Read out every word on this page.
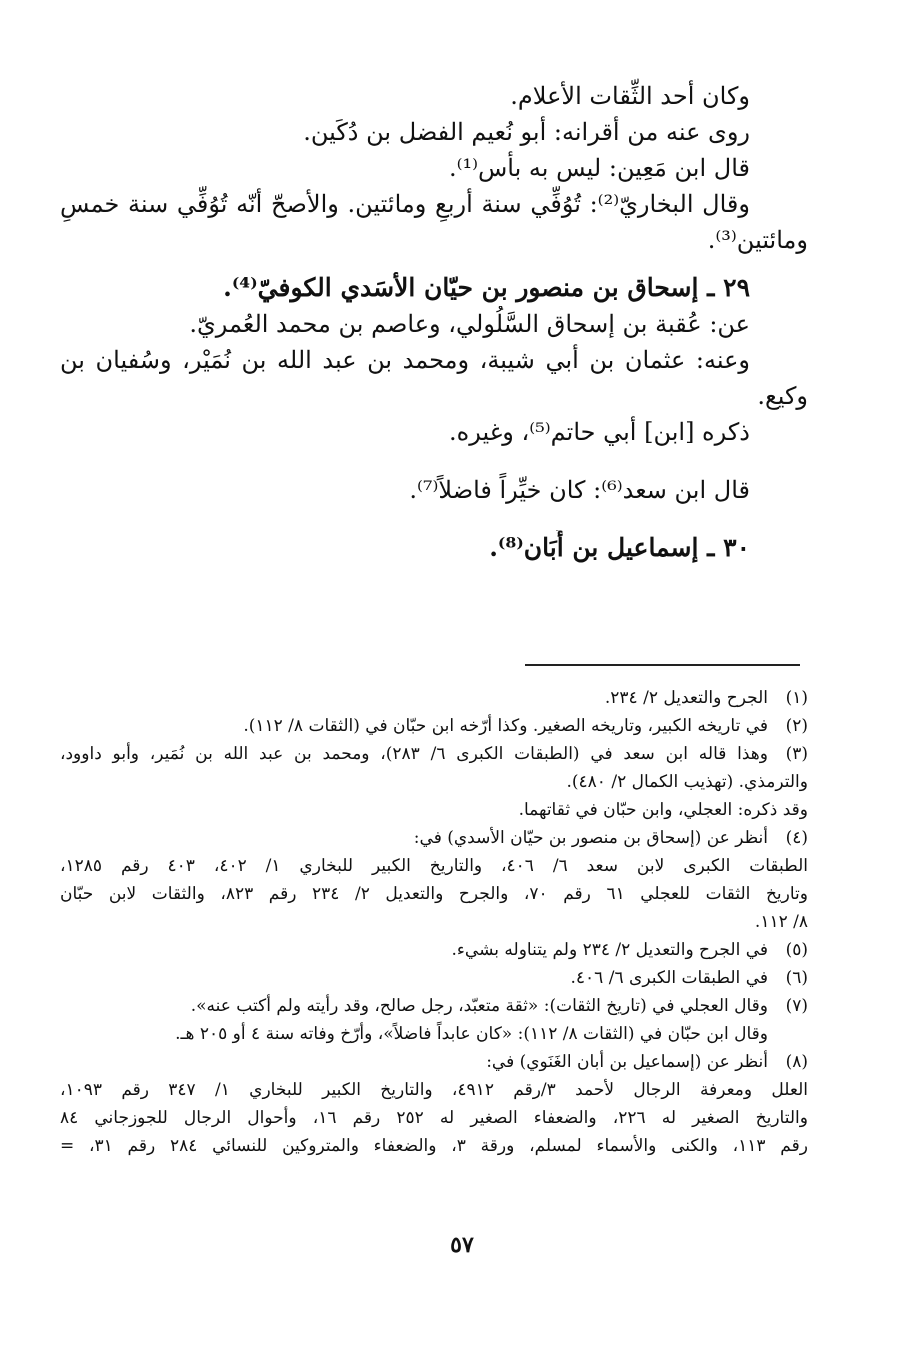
وكان أحد الثِّقات الأعلام.
روى عنه من أقرانه: أبو نُعيم الفضل بن دُكَين.
قال ابن مَعِين: ليس به بأس⁽¹⁾.
وقال البخاريّ⁽²⁾: تُوُفِّي سنة أربعٍ ومائتين. والأصحّ أنّه تُوُفِّي سنة خمسٍ
ومائتين⁽³⁾.
٢٩ ـ إسحاق بن منصور بن حيّان الأسَدي الكوفيّ⁽⁴⁾.
عن: عُقبة بن إسحاق السَّلُولي، وعاصم بن محمد العُمريّ.
وعنه: عثمان بن أبي شيبة، ومحمد بن عبد الله بن نُمَيْر، وسُفيان بن
وكيع.
ذكره [ابن] أبي حاتم⁽⁵⁾، وغيره.
قال ابن سعد⁽⁶⁾: كان خيِّراً فاضلاً⁽⁷⁾.
٣٠ ـ إسماعيل بن أَبَان⁽⁸⁾.
(١)
الجرح والتعديل ٢/ ٢٣٤.
(٢)
في تاريخه الكبير، وتاريخه الصغير. وكذا أرّخه ابن حبّان في (الثقات ٨/ ١١٢).
(٣)
وهذا قاله ابن سعد في (الطبقات الكبرى ٦/ ٢٨٣)، ومحمد بن عبد الله بن نُمَير، وأبو داوود،
والترمذي. (تهذيب الكمال ٢/ ٤٨٠).
وقد ذكره: العجلي، وابن حبّان في ثقاتهما.
(٤)
أنظر عن (إسحاق بن منصور بن حيّان الأسدي) في:
الطبقات الكبرى لابن سعد ٦/ ٤٠٦، والتاريخ الكبير للبخاري ١/ ٤٠٢، ٤٠٣ رقم ١٢٨٥،
وتاريخ الثقات للعجلي ٦١ رقم ٧٠، والجرح والتعديل ٢/ ٢٣٤ رقم ٨٢٣، والثقات لابن حبّان
٨/ ١١٢.
(٥)
في الجرح والتعديل ٢/ ٢٣٤ ولم يتناوله بشيء.
(٦)
في الطبقات الكبرى ٦/ ٤٠٦.
(٧)
وقال العجلي في (تاريخ الثقات): «ثقة متعبّد، رجل صالح، وقد رأيته ولم أكتب عنه».
وقال ابن حبّان في (الثقات ٨/ ١١٢): «كان عابداً فاضلاً»، وأرّخ وفاته سنة ٤ أو ٢٠٥ هـ.
(٨)
أنظر عن (إسماعيل بن أبان الغَنَوي) في:
العلل ومعرفة الرجال لأحمد ٣/رقم ٤٩١٢، والتاريخ الكبير للبخاري ١/ ٣٤٧ رقم ١٠٩٣،
والتاريخ الصغير له ٢٢٦، والضعفاء الصغير له ٢٥٢ رقم ١٦، وأحوال الرجال للجوزجاني ٨٤
رقم ١١٣، والكنى والأسماء لمسلم، ورقة ٣، والضعفاء والمتروكين للنسائي ٢٨٤ رقم ٣١، =
٥٧
